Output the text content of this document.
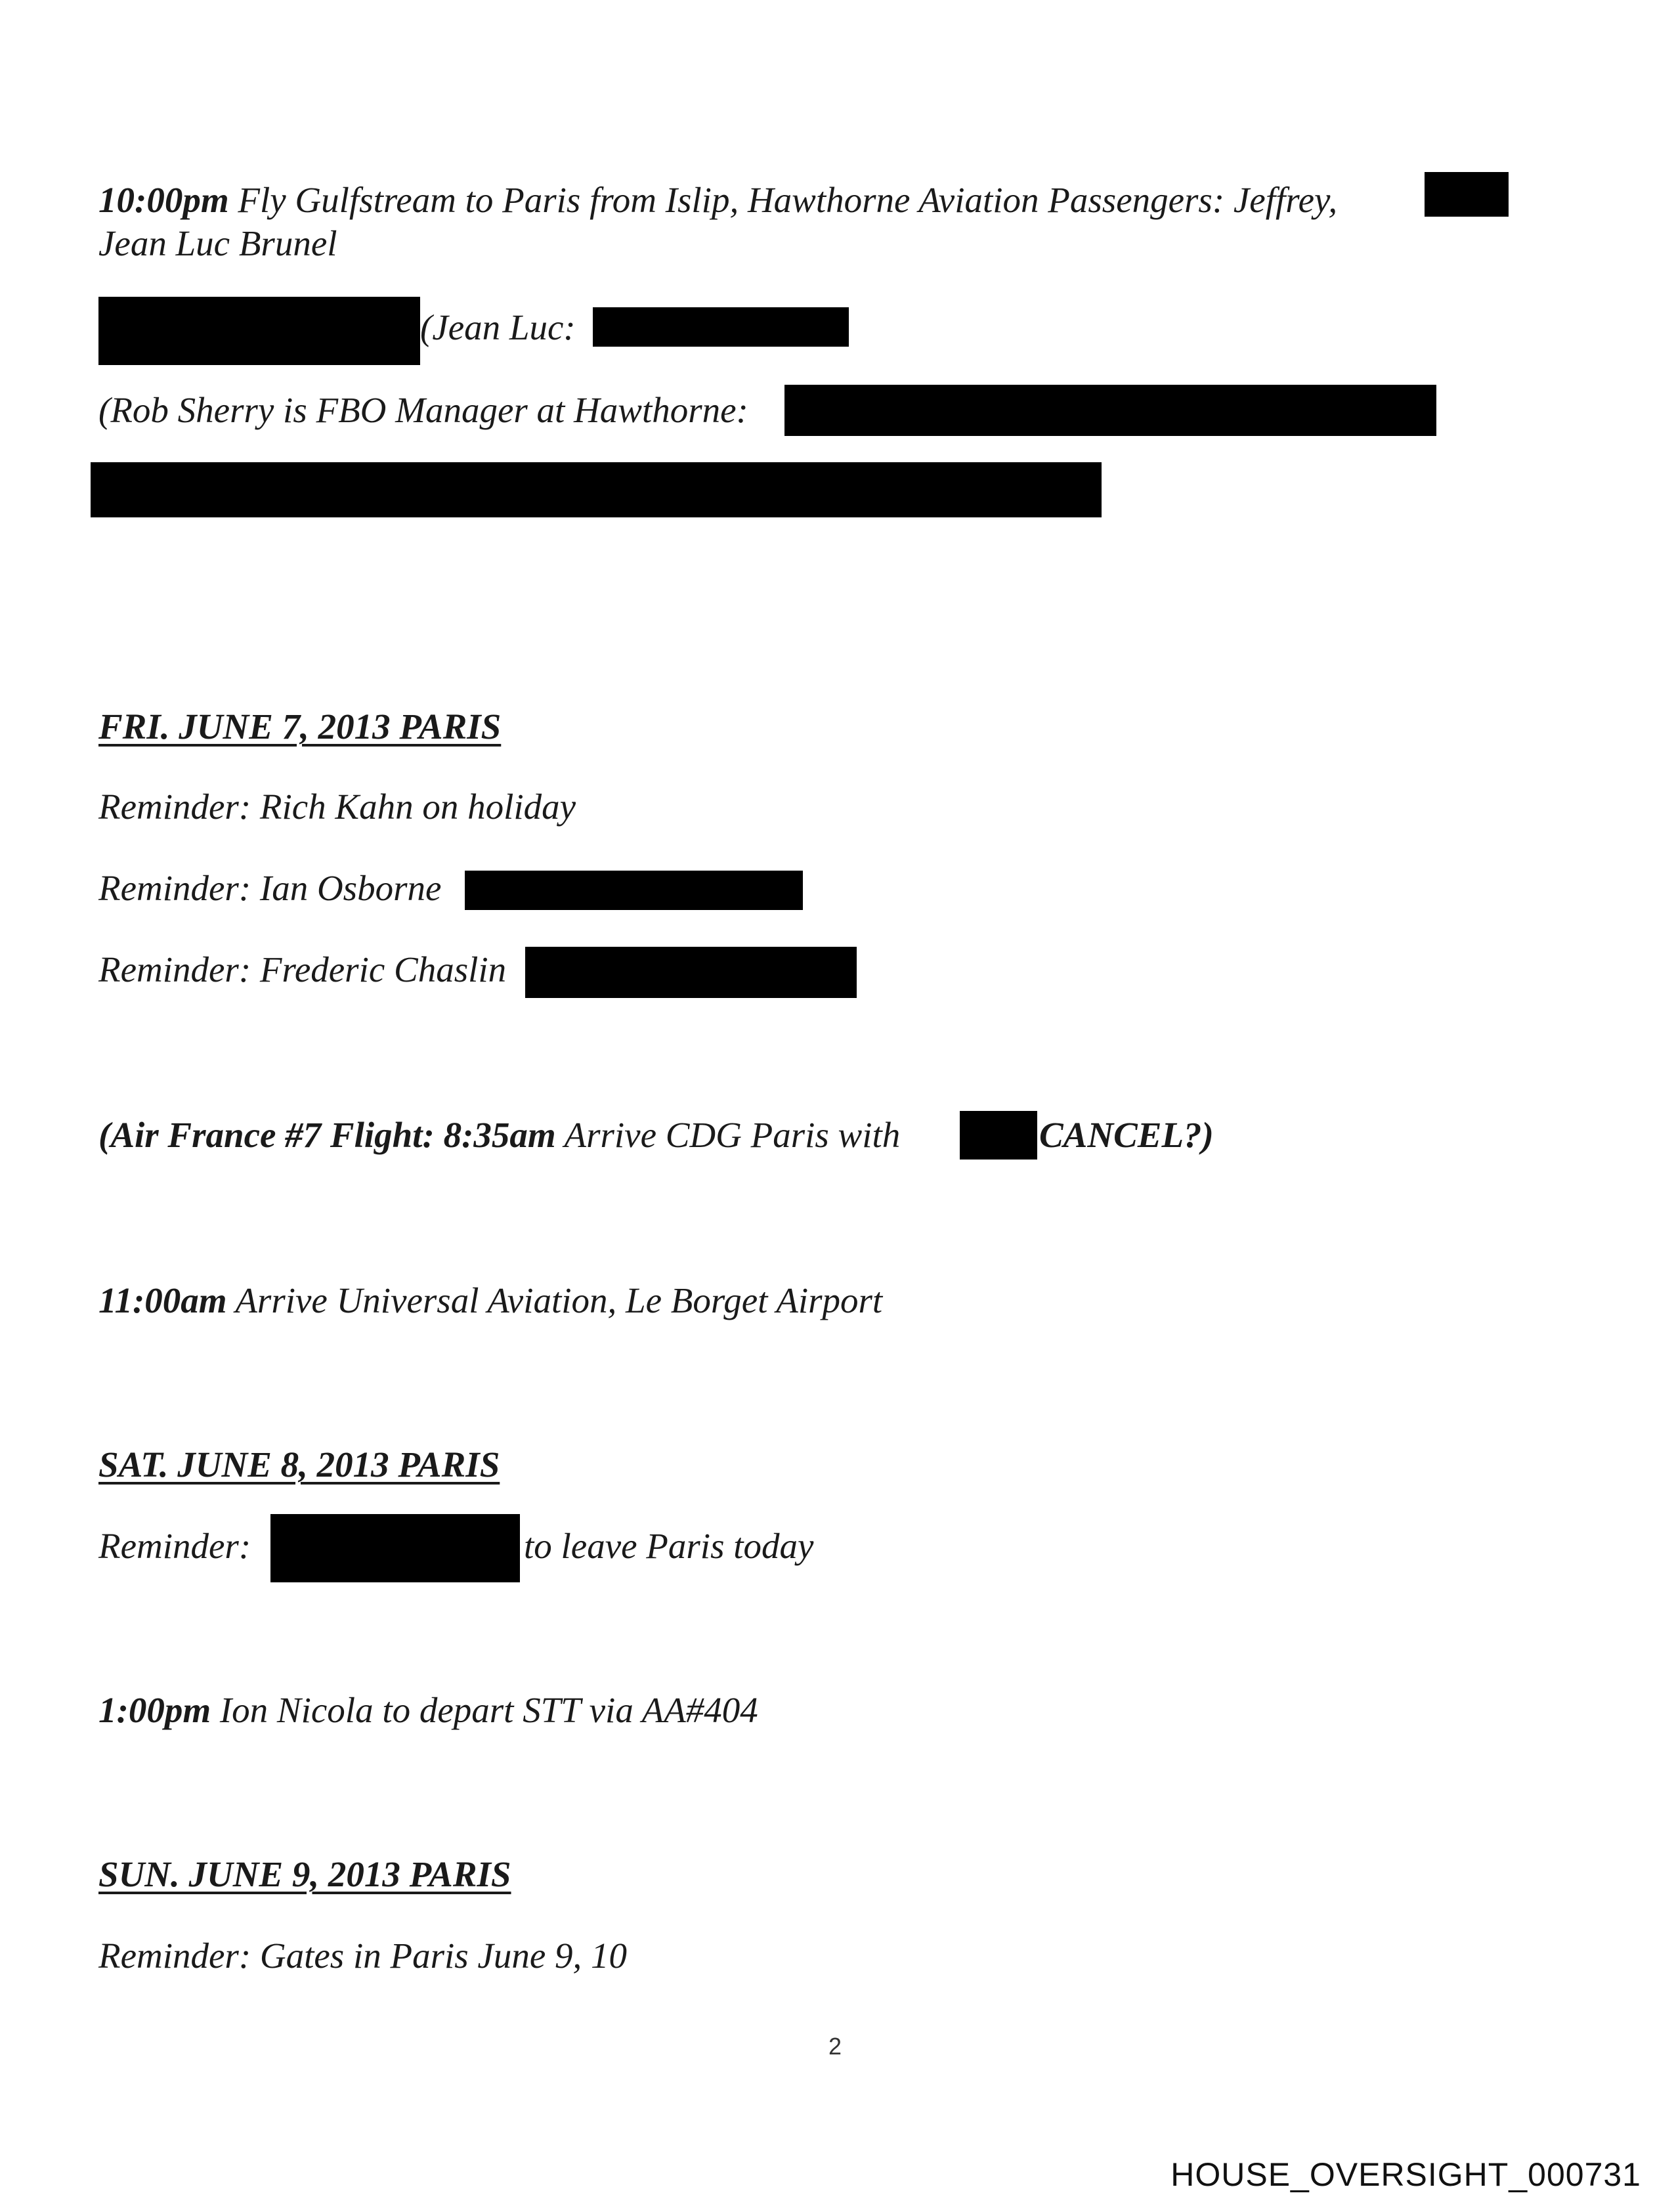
10:00pm Fly Gulfstream to Paris from Islip, Hawthorne Aviation Passengers: Jeffrey,
Jean Luc Brunel
(Jean Luc:
(Rob Sherry is FBO Manager at Hawthorne:
FRI. JUNE 7, 2013 PARIS
Reminder: Rich Kahn on holiday
Reminder: Ian Osborne
Reminder: Frederic Chaslin
(Air France #7 Flight: 8:35am Arrive CDG Paris with	CANCEL?)
11:00am Arrive Universal Aviation, Le Borget Airport
SAT. JUNE 8, 2013 PARIS
Reminder:	to leave Paris today
1:00pm Ion Nicola to depart STT via AA#404
SUN. JUNE 9, 2013 PARIS
Reminder: Gates in Paris June 9, 10
2
HOUSE_OVERSIGHT_000731
